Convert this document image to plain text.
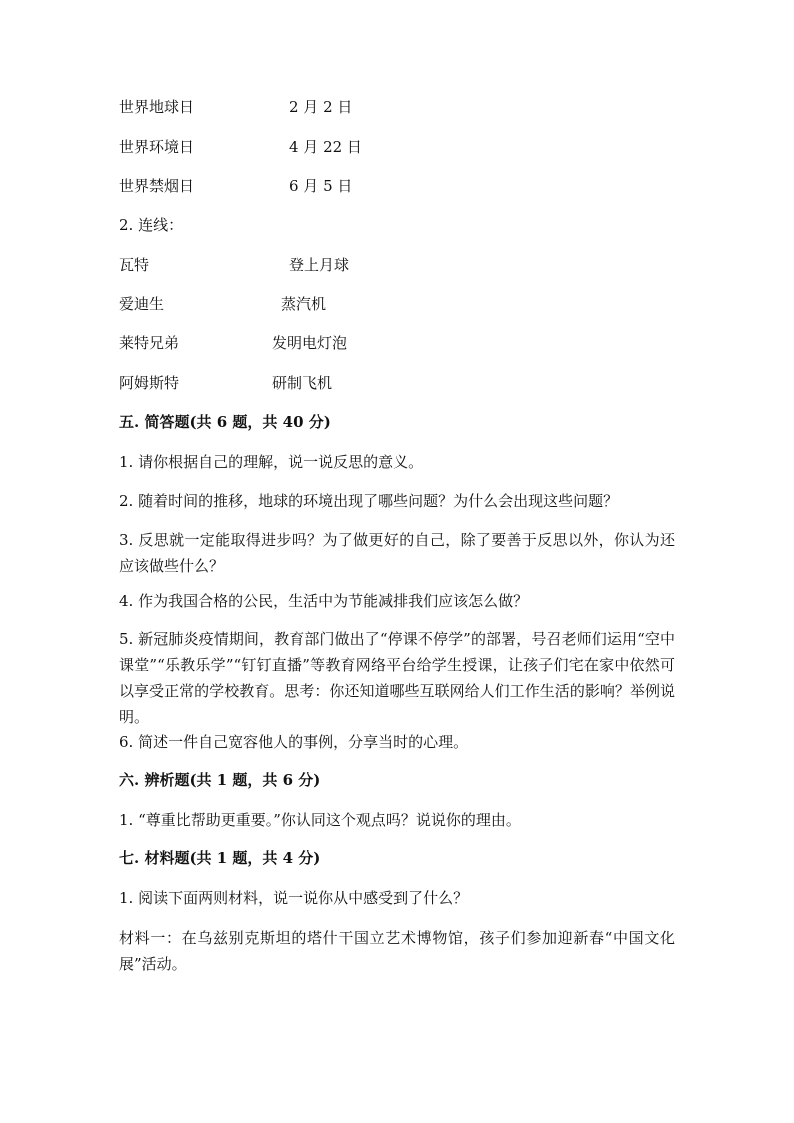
世界地球日	2 月 2 日
世界环境日	4 月 22 日
世界禁烟日	6 月 5 日
2. 连线：
瓦特	登上月球
爱迪生	蒸汽机
莱特兄弟	发明电灯泡
阿姆斯特	研制飞机
五. 简答题(共 6 题，共 40 分)
1. 请你根据自己的理解，说一说反思的意义。
2. 随着时间的推移，地球的环境出现了哪些问题？为什么会出现这些问题？
3. 反思就一定能取得进步吗？为了做更好的自己，除了要善于反思以外，你认为还应该做些什么？
4. 作为我国合格的公民，生活中为节能减排我们应该怎么做？
5. 新冠肺炎疫情期间，教育部门做出了“停课不停学”的部署，号召老师们运用“空中课堂”“乐教乐学”“钉钉直播”等教育网络平台给学生授课，让孩子们宅在家中依然可以享受正常的学校教育。思考：你还知道哪些互联网给人们工作生活的影响？举例说明。
6. 简述一件自己宽容他人的事例，分享当时的心理。
六. 辨析题(共 1 题，共 6 分)
1. “尊重比帮助更重要。”你认同这个观点吗？说说你的理由。
七. 材料题(共 1 题，共 4 分)
1. 阅读下面两则材料，说一说你从中感受到了什么？
材料一：在乌兹别克斯坦的塔什干国立艺术博物馆，孩子们参加迎新春“中国文化展”活动。
